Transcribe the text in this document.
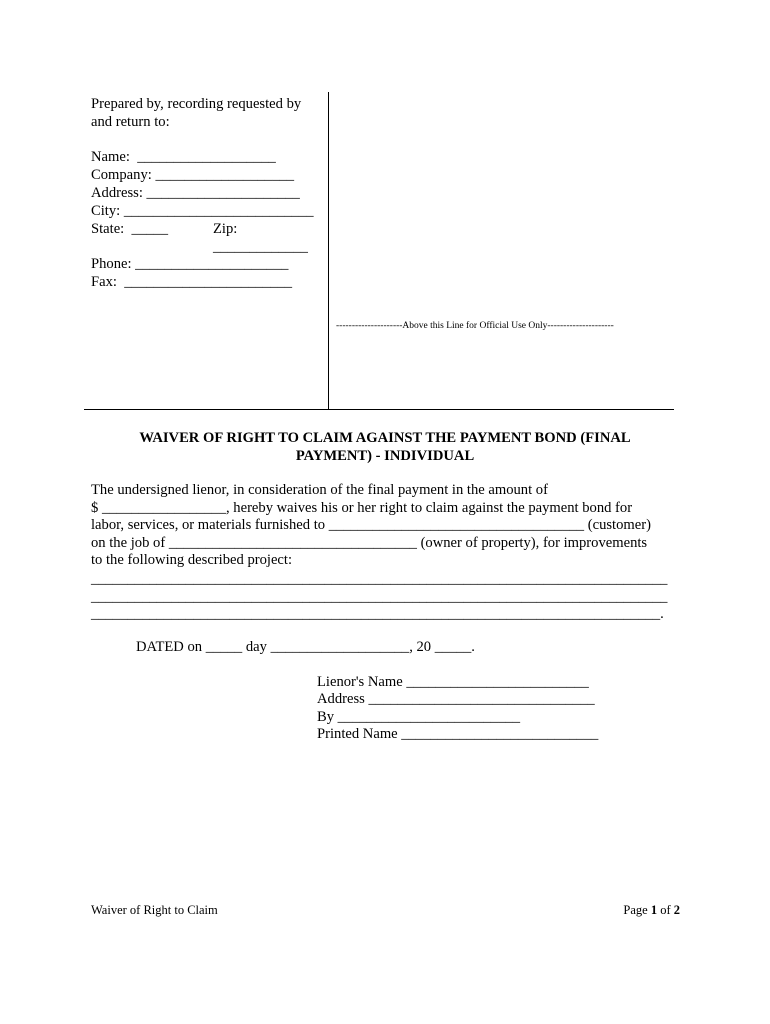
Prepared by, recording requested by
and return to:
Name:  ___________________
Company: ___________________
Address: _____________________
City: __________________________
State:  _____	Zip:
_____________
Phone: _____________________
Fax:  _______________________
---------------------Above this Line for Official Use Only---------------------
WAIVER OF RIGHT TO CLAIM AGAINST THE PAYMENT BOND (FINAL
PAYMENT) - INDIVIDUAL
The undersigned lienor, in consideration of the final payment in the amount of
$ _________________, hereby waives his or her right to claim against the payment bond for
labor, services, or materials furnished to ___________________________________ (customer)
on the job of __________________________________ (owner of property), for improvements
to the following described project:
_______________________________________________________________________________
_______________________________________________________________________________
______________________________________________________________________________.
DATED on _____ day ___________________, 20 _____.
Lienor's Name _________________________
Address _______________________________
By _________________________
Printed Name ___________________________
Waiver of Right to Claim	Page 1 of 2
